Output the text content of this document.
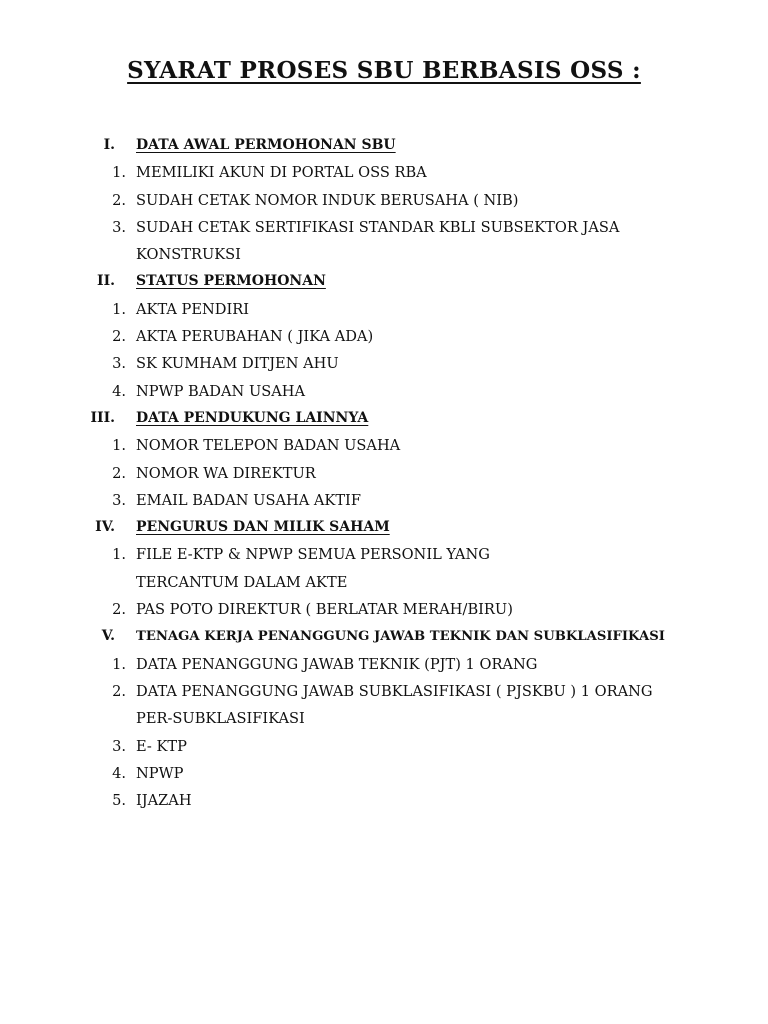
SYARAT PROSES SBU BERBASIS OSS :
I. DATA AWAL PERMOHONAN SBU
1. MEMILIKI AKUN DI PORTAL OSS RBA
2. SUDAH CETAK NOMOR INDUK BERUSAHA ( NIB)
3. SUDAH CETAK SERTIFIKASI STANDAR KBLI SUBSEKTOR JASA KONSTRUKSI
II. STATUS PERMOHONAN
1. AKTA PENDIRI
2. AKTA PERUBAHAN ( JIKA ADA)
3. SK KUMHAM DITJEN AHU
4. NPWP BADAN USAHA
III. DATA PENDUKUNG LAINNYA
1. NOMOR TELEPON BADAN USAHA
2. NOMOR WA DIREKTUR
3. EMAIL BADAN USAHA AKTIF
IV. PENGURUS DAN MILIK SAHAM
1. FILE E-KTP & NPWP SEMUA PERSONIL YANG TERCANTUM DALAM AKTE
2. PAS POTO DIREKTUR ( BERLATAR MERAH/BIRU)
V. TENAGA KERJA PENANGGUNG JAWAB TEKNIK DAN SUBKLASIFIKASI
1. DATA PENANGGUNG JAWAB TEKNIK (PJT) 1 ORANG
2. DATA PENANGGUNG JAWAB SUBKLASIFIKASI ( PJSKBU ) 1 ORANG PER-SUBKLASIFIKASI
3. E- KTP
4. NPWP
5. IJAZAH
